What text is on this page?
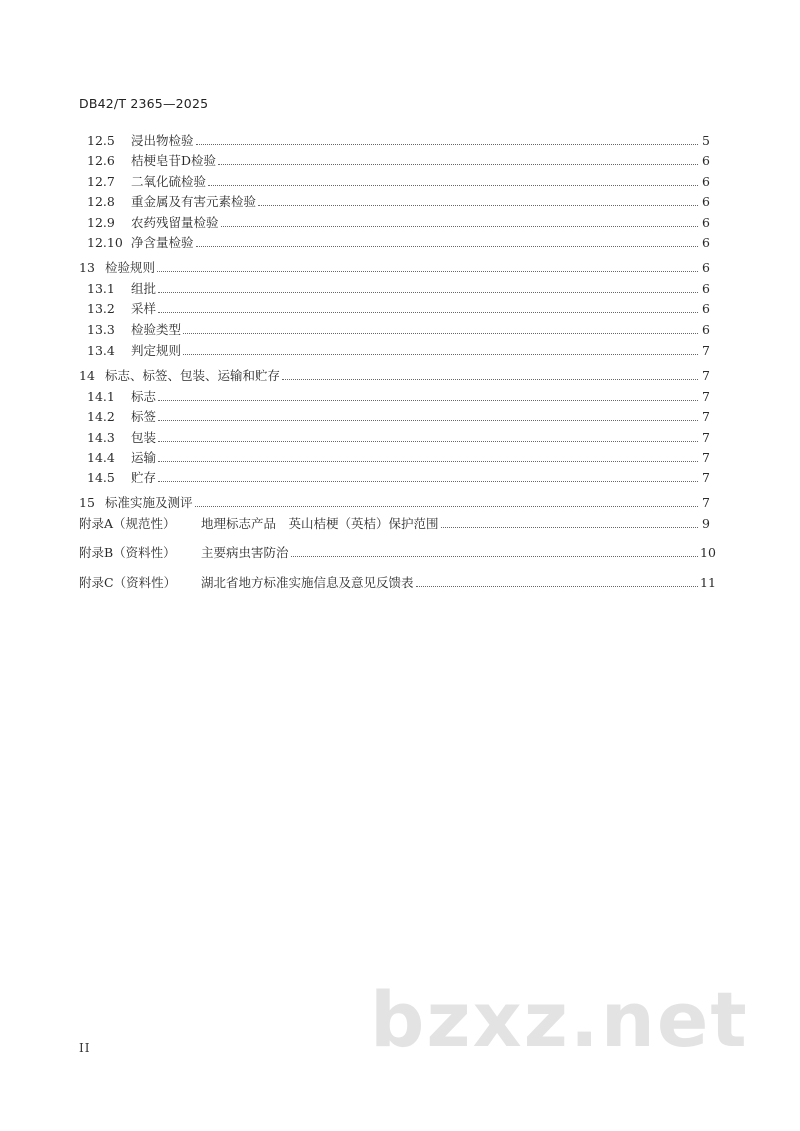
DB42/T 2365—2025
12.5	浸出物检验	5
12.6	桔梗皂苷D检验	6
12.7	二氧化硫检验	6
12.8	重金属及有害元素检验	6
12.9	农药残留量检验	6
12.10 净含量检验	6
13 检验规则	6
13.1	组批	6
13.2	采样	6
13.3	检验类型	6
13.4	判定规则	7
14 标志、标签、包装、运输和贮存	7
14.1	标志	7
14.2	标签	7
14.3	包装	7
14.4	运输	7
14.5	贮存	7
15 标准实施及测评	7
附录A（规范性）	地理标志产品　英山桔梗（英桔）保护范围	9
附录B（资料性）	主要病虫害防治	10
附录C（资料性）	湖北省地方标准实施信息及意见反馈表	11
II	bzxz.net
